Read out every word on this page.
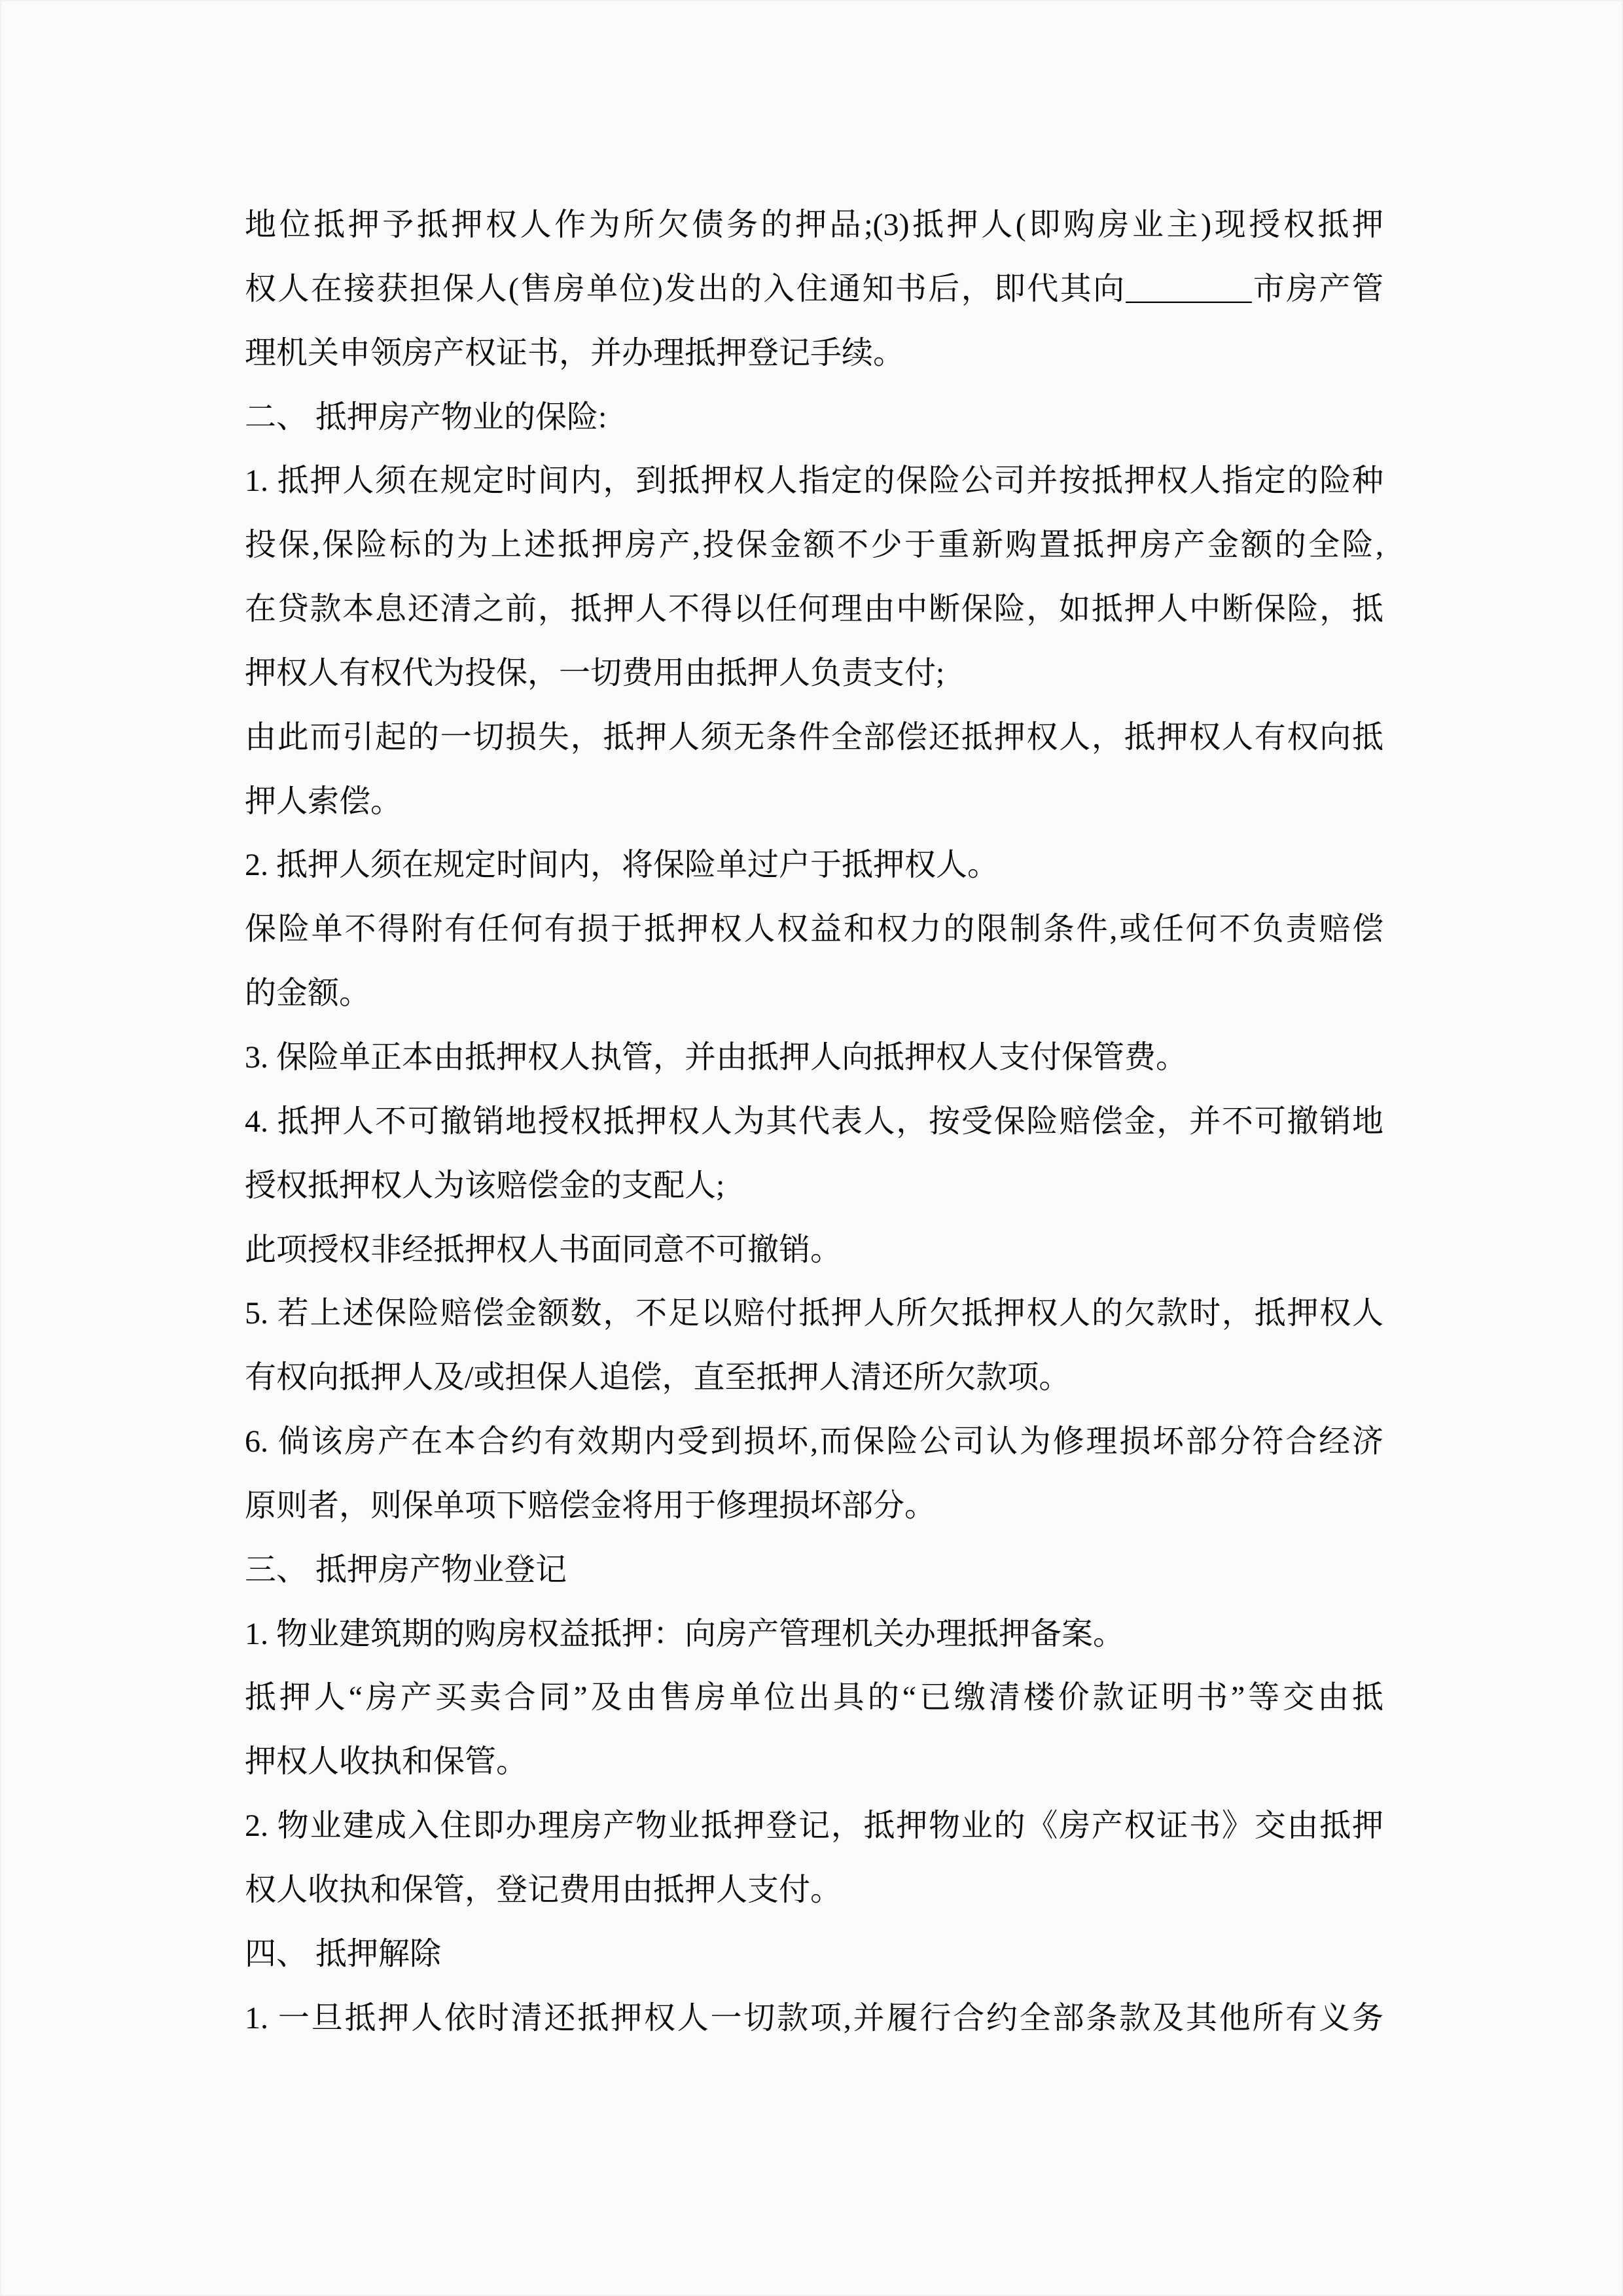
地位抵押予抵押权人作为所欠债务的押品;(3)抵押人(即购房业主)现授权抵押
权人在接获担保人(售房单位)发出的入住通知书后，即代其向________市房产管
理机关申领房产权证书，并办理抵押登记手续。
二、 抵押房产物业的保险:
1. 抵押人须在规定时间内，到抵押权人指定的保险公司并按抵押权人指定的险种
投保,保险标的为上述抵押房产,投保金额不少于重新购置抵押房产金额的全险,
在贷款本息还清之前，抵押人不得以任何理由中断保险，如抵押人中断保险，抵
押权人有权代为投保，一切费用由抵押人负责支付;
由此而引起的一切损失，抵押人须无条件全部偿还抵押权人，抵押权人有权向抵
押人索偿。
2. 抵押人须在规定时间内，将保险单过户于抵押权人。
保险单不得附有任何有损于抵押权人权益和权力的限制条件,或任何不负责赔偿
的金额。
3. 保险单正本由抵押权人执管，并由抵押人向抵押权人支付保管费。
4. 抵押人不可撤销地授权抵押权人为其代表人，按受保险赔偿金，并不可撤销地
授权抵押权人为该赔偿金的支配人;
此项授权非经抵押权人书面同意不可撤销。
5. 若上述保险赔偿金额数，不足以赔付抵押人所欠抵押权人的欠款时，抵押权人
有权向抵押人及/或担保人追偿，直至抵押人清还所欠款项。
6. 倘该房产在本合约有效期内受到损坏,而保险公司认为修理损坏部分符合经济
原则者，则保单项下赔偿金将用于修理损坏部分。
三、 抵押房产物业登记
1. 物业建筑期的购房权益抵押：向房产管理机关办理抵押备案。
抵押人“房产买卖合同”及由售房单位出具的“已缴清楼价款证明书”等交由抵
押权人收执和保管。
2. 物业建成入住即办理房产物业抵押登记，抵押物业的《房产权证书》交由抵押
权人收执和保管，登记费用由抵押人支付。
四、 抵押解除
1. 一旦抵押人依时清还抵押权人一切款项,并履行合约全部条款及其他所有义务
